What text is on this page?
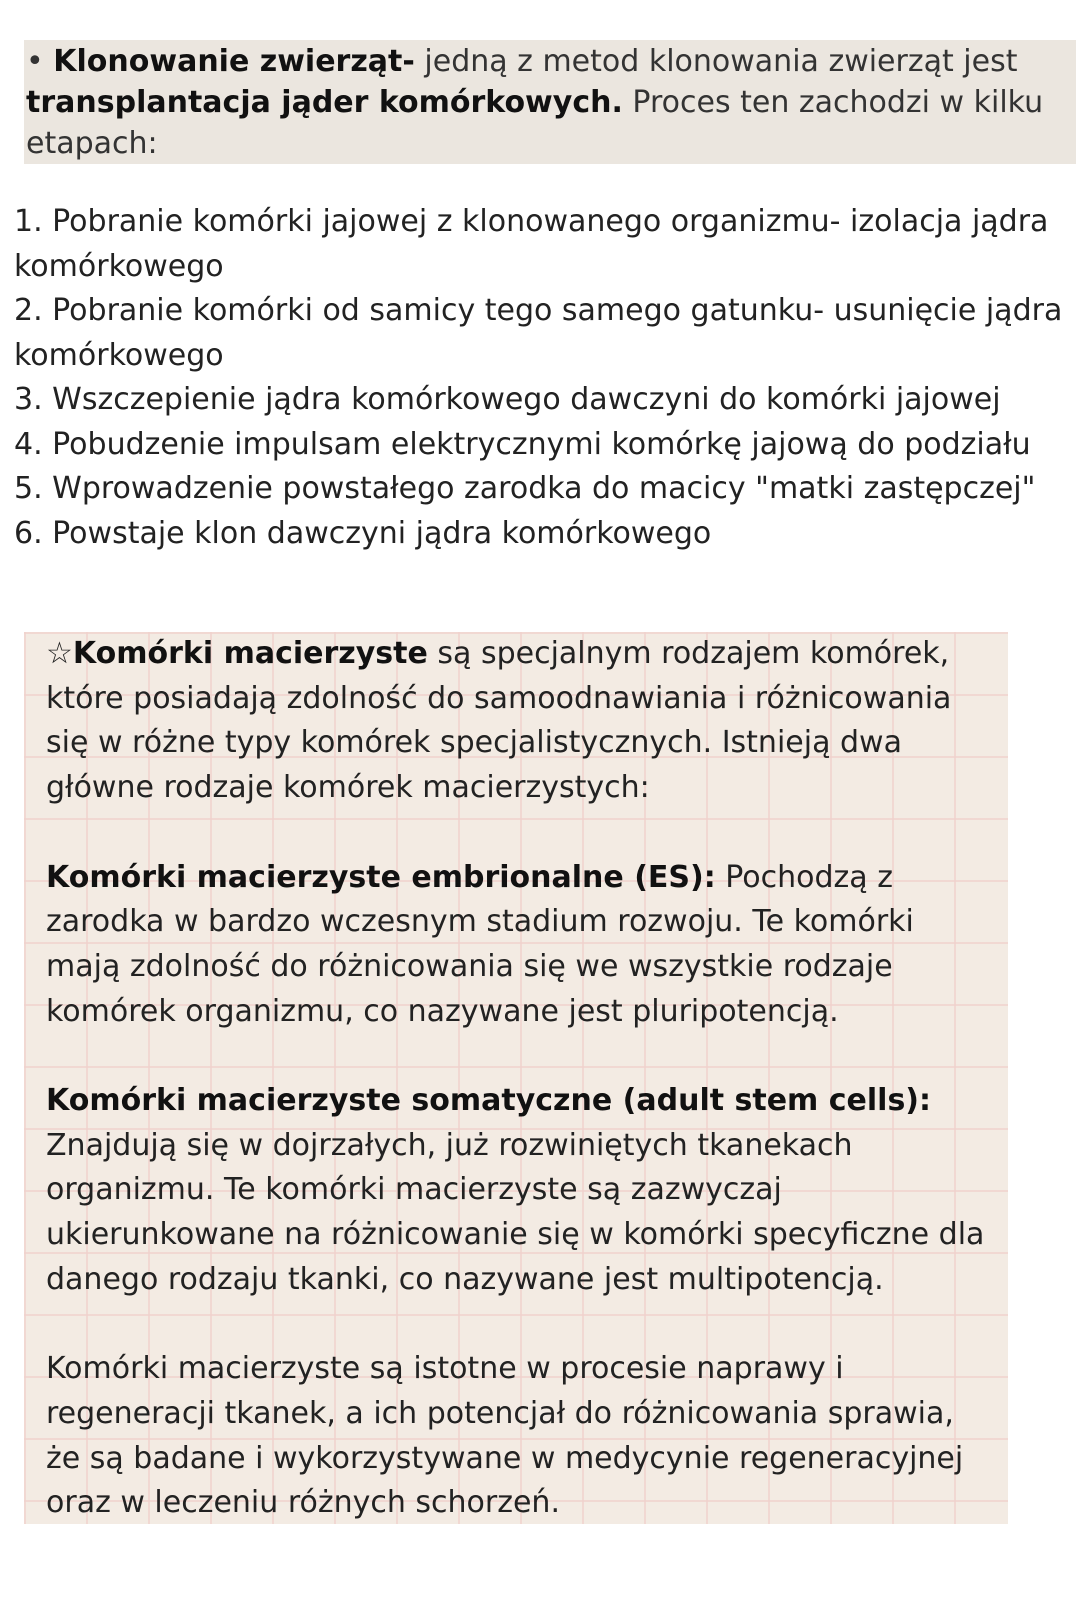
• Klonowanie zwierząt- jedną z metod klonowania zwierząt jest transplantacja jąder komórkowych. Proces ten zachodzi w kilku etapach:

1. Pobranie komórki jajowej z klonowanego organizmu- izolacja jądra komórkowego

2. Pobranie komórki od samicy tego samego gatunku- usunięcie jądra komórkowego

3. Wszczepienie jądra komórkowego dawczyni do komórki jajowej

4. Pobudzenie impulsam elektrycznymi komórkę jajową do podziału

5. Wprowadzenie powstałego zarodka do macicy "matki zastępczej"

6. Powstaje klon dawczyni jądra komórkowego

☆Komórki macierzyste są specjalnym rodzajem komórek, które posiadają zdolność do samoodnawiania i różnicowania się w różne typy komórek specjalistycznych. Istnieją dwa główne rodzaje komórek macierzystych:

Komórki macierzyste embrionalne (ES): Pochodzą z zarodka w bardzo wczesnym stadium rozwoju. Te komórki mają zdolność do różnicowania się we wszystkie rodzaje komórek organizmu, co nazywane jest pluripotencją.

Komórki macierzyste somatyczne (adult stem cells): Znajdują się w dojrzałych, już rozwiniętych tkanekach organizmu. Te komórki macierzyste są zazwyczaj ukierunkowane na różnicowanie się w komórki specyficzne dla danego rodzaju tkanki, co nazywane jest multipotencją.

Komórki macierzyste są istotne w procesie naprawy i regeneracji tkanek, a ich potencjał do różnicowania sprawia, że są badane i wykorzystywane w medycynie regeneracyjnej oraz w leczeniu różnych schorzeń.
